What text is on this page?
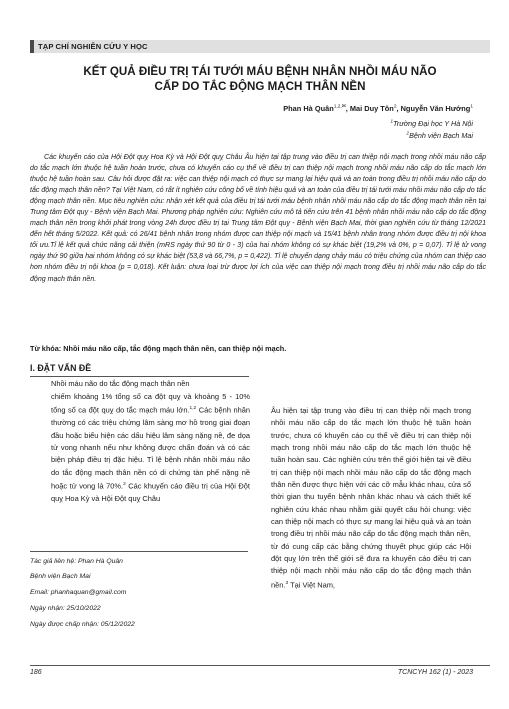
TẠP CHÍ NGHIÊN CỨU Y HỌC
KẾT QUẢ ĐIỀU TRỊ TÁI TƯỚI MÁU BỆNH NHÂN NHỒI MÁU NÃO
CẤP DO TẮC ĐỘNG MẠCH THÂN NỀN
Phan Hà Quân$^{1,2,✉}$, Mai Duy Tôn$^2$, Nguyễn Văn Hướng$^1$
$^1$Trường Đại học Y Hà Nội
$^2$Bệnh viện Bạch Mai

Các khuyến cáo của Hội Đột quỵ Hoa Kỳ và Hội Đột quỵ Châu Âu hiện tại tập trung vào điều trị can thiệp nội mạch trong nhồi máu não cấp do tắc mạch lớn thuộc hệ tuần hoàn trước, chưa có khuyến cáo cụ thể về điều trị can thiệp nội mạch trong nhồi máu não cấp do tắc mạch lớn thuộc hệ tuần hoàn sau. Câu hỏi được đặt ra: việc can thiệp nội mạch có thực sự mang lại hiệu quả và an toàn trong điều trị nhồi máu não cấp do tắc động mạch thân nền? Tại Việt Nam, có rất ít nghiên cứu công bố về tính hiệu quả và an toàn của điều trị tái tưới máu nhồi máu não cấp do tắc động mạch thân nền. Mục tiêu nghiên cứu: nhận xét kết quả của điều trị tái tưới máu bệnh nhân nhồi máu não cấp do tắc động mạch thân nền tại Trung tâm Đột quỵ - Bệnh viện Bạch Mai. Phương pháp nghiên cứu: Nghiên cứu mô tả tiến cứu trên 41 bệnh nhân nhồi máu não cấp do tắc động mạch thân nền trong khởi phát trong vòng 24h được điều trị tại Trung tâm Đột quỵ - Bệnh viện Bạch Mai, thời gian nghiên cứu từ tháng 12/2021 đến hết tháng 5/2022. Kết quả: có 26/41 bệnh nhân trong nhóm được can thiệp nội mạch và 15/41 bệnh nhân trong nhóm được điều trị nội khoa tối ưu.Tỉ lệ kết quả chức năng cải thiện (mRS ngày thứ 90 từ 0 - 3) của hai nhóm không có sự khác biệt (19,2% và 0%, p = 0,07). Tỉ lệ tử vong ngày thứ 90 giữa hai nhóm không có sự khác biệt (53,8 và 66,7%, p = 0,422). Tỉ lệ chuyển dạng chảy máu có triệu chứng của nhóm can thiệp cao hơn nhóm điều trị nội khoa (p = 0,018). Kết luận: chưa loại trừ được lợi ích của việc can thiệp nội mạch trong điều trị nhồi máu não cấp do tắc động mạch thân nền.

Từ khóa: Nhồi máu não cấp, tắc động mạch thân nền, can thiệp nội mạch.
I. ĐẶT VẤN ĐỀ

Nhồi máu não do tắc động mạch thân nền

chiếm khoảng 1% tổng số ca đột quỵ và khoảng 5 - 10% tổng số ca đột quỵ do tắc mạch máu lớn.$^{1,2}$ Các bệnh nhân thường có các triệu chứng lâm sàng mơ hồ trong giai đoạn đầu hoặc biểu hiện các dấu hiệu lâm sàng nặng nề, đe dọa tử vong nhanh nếu như không được chẩn đoán và có các biện pháp điều trị đặc hiệu. Tỉ lệ bệnh nhân nhồi máu não do tắc động mạch thân nền có di chứng tàn phế nặng nề hoặc tử vong là 70%.$^2$ Các khuyến cáo điều trị của Hội Đột quỵ Hoa Kỳ và Hội Đột quỵ Châu

Âu hiện tại tập trung vào điều trị can thiệp nội mạch trong nhồi máu não cấp do tắc mạch lớn thuộc hệ tuần hoàn trước, chưa có khuyến cáo cụ thể về điều trị can thiệp nội mạch trong nhồi máu não cấp do tắc mạch lớn thuộc hệ tuần hoàn sau. Các nghiên cứu trên thế giới hiện tại về điều trị can thiệp nội mạch nhồi máu não cấp do tắc động mạch thân nền được thực hiện với các cỡ mẫu khác nhau, cửa sổ thời gian thu tuyển bệnh nhân khác nhau và cách thiết kế nghiên cứu khác nhau nhằm giải quyết câu hỏi chung: việc can thiệp nội mạch có thực sự mang lại hiệu quả và an toàn trong điều trị nhồi máu não cấp do tắc động mạch thân nền, từ đó cung cấp các bằng chứng thuyết phục giúp các Hội đột quỵ lớn trên thế giới sẽ đưa ra khuyến cáo điều trị can thiệp nội mạch nhồi máu não cấp do tắc động mạch thân nền.$^3$ Tại Việt Nam,

Tác giả liên hệ: Phan Hà Quân
Bệnh viện Bạch Mai
Email: phanhaquan@gmail.com
Ngày nhận: 25/10/2022
Ngày được chấp nhận: 05/12/2022
186	TCNCYH 162 (1) - 2023
